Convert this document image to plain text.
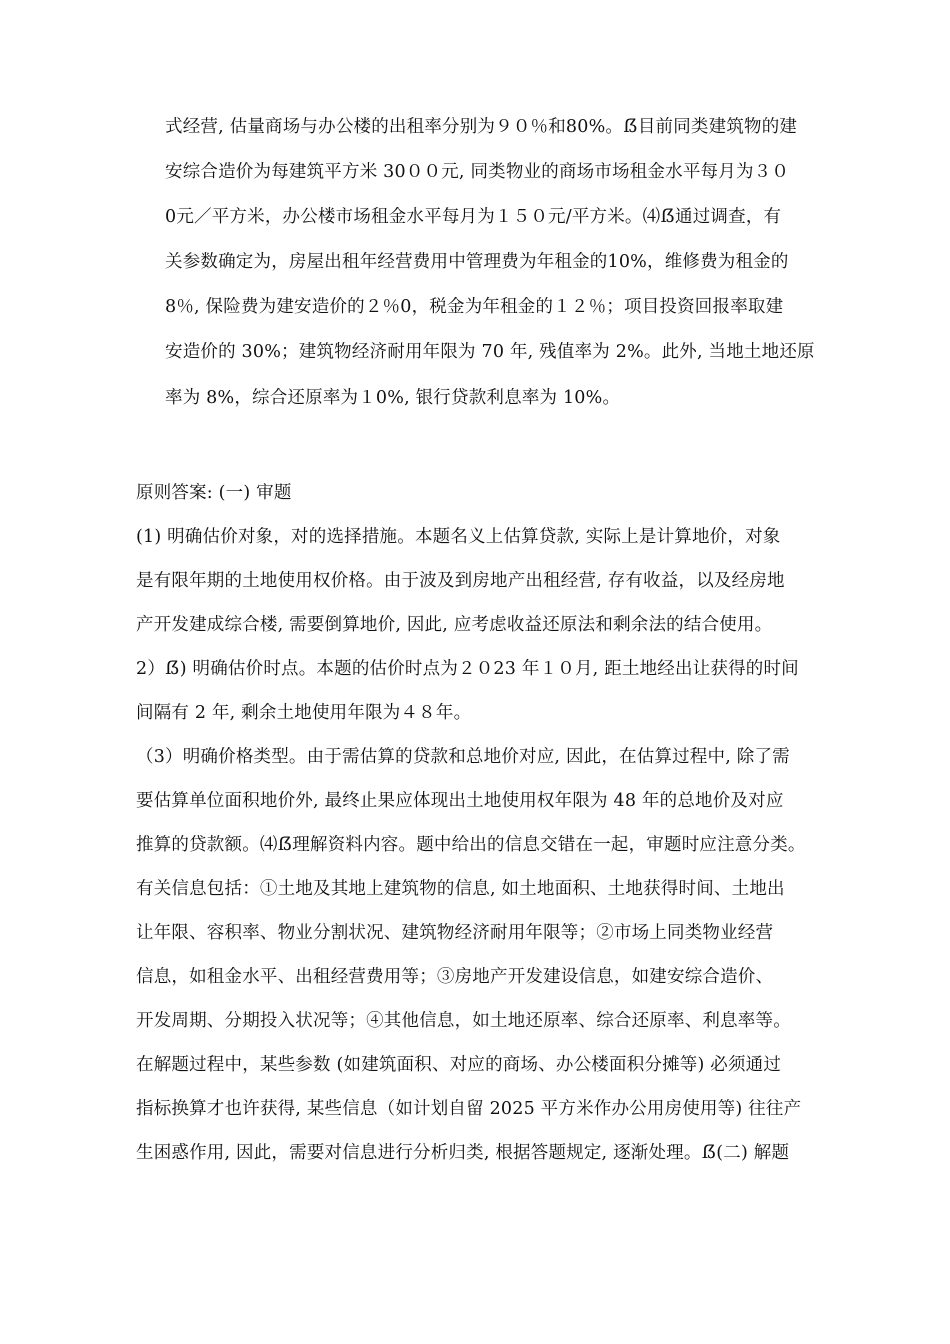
式经营, 估量商场与办公楼的出租率分别为９０％和80%。ẞ目前同类建筑物的建
安综合造价为每建筑平方米 30００元, 同类物业的商场市场租金水平每月为３０
0元／平方米，办公楼市场租金水平每月为１５０元/平方米。⑷ẞ通过调查，有
关参数确定为，房屋出租年经营费用中管理费为年租金的10%，维修费为租金的
8％, 保险费为建安造价的２％0，税金为年租金的１２％；项目投资回报率取建
安造价的 30%；建筑物经济耐用年限为 70 年, 残值率为 2%。此外, 当地土地还原
率为 8%，综合还原率为１0%, 银行贷款利息率为 10%。
原则答案: (一) 审题
(1) 明确估价对象，对的选择措施。本题名义上估算贷款, 实际上是计算地价，对象
是有限年期的土地使用权价格。由于波及到房地产出租经营, 存有收益，以及经房地
产开发建成综合楼, 需要倒算地价, 因此, 应考虑收益还原法和剩余法的结合使用。
2）ẞ) 明确估价时点。本题的估价时点为２０23 年１０月, 距土地经出让获得的时间
间隔有 2 年, 剩余土地使用年限为４８年。
（3）明确价格类型。由于需估算的贷款和总地价对应, 因此，在估算过程中, 除了需
要估算单位面积地价外, 最终止果应体现出土地使用权年限为 48 年的总地价及对应
推算的贷款额。⑷ẞ理解资料内容。题中给出的信息交错在一起，审题时应注意分类。
有关信息包括：①土地及其地上建筑物的信息, 如土地面积、土地获得时间、土地出
让年限、容积率、物业分割状况、建筑物经济耐用年限等；②市场上同类物业经营
信息，如租金水平、出租经营费用等；③房地产开发建设信息，如建安综合造价、
开发周期、分期投入状况等；④其他信息，如土地还原率、综合还原率、利息率等。
在解题过程中，某些参数 (如建筑面积、对应的商场、办公楼面积分摊等) 必须通过
指标换算才也许获得, 某些信息（如计划自留 2025 平方米作办公用房使用等) 往往产
生困惑作用, 因此，需要对信息进行分析归类, 根据答题规定, 逐渐处理。ẞ(二) 解题
